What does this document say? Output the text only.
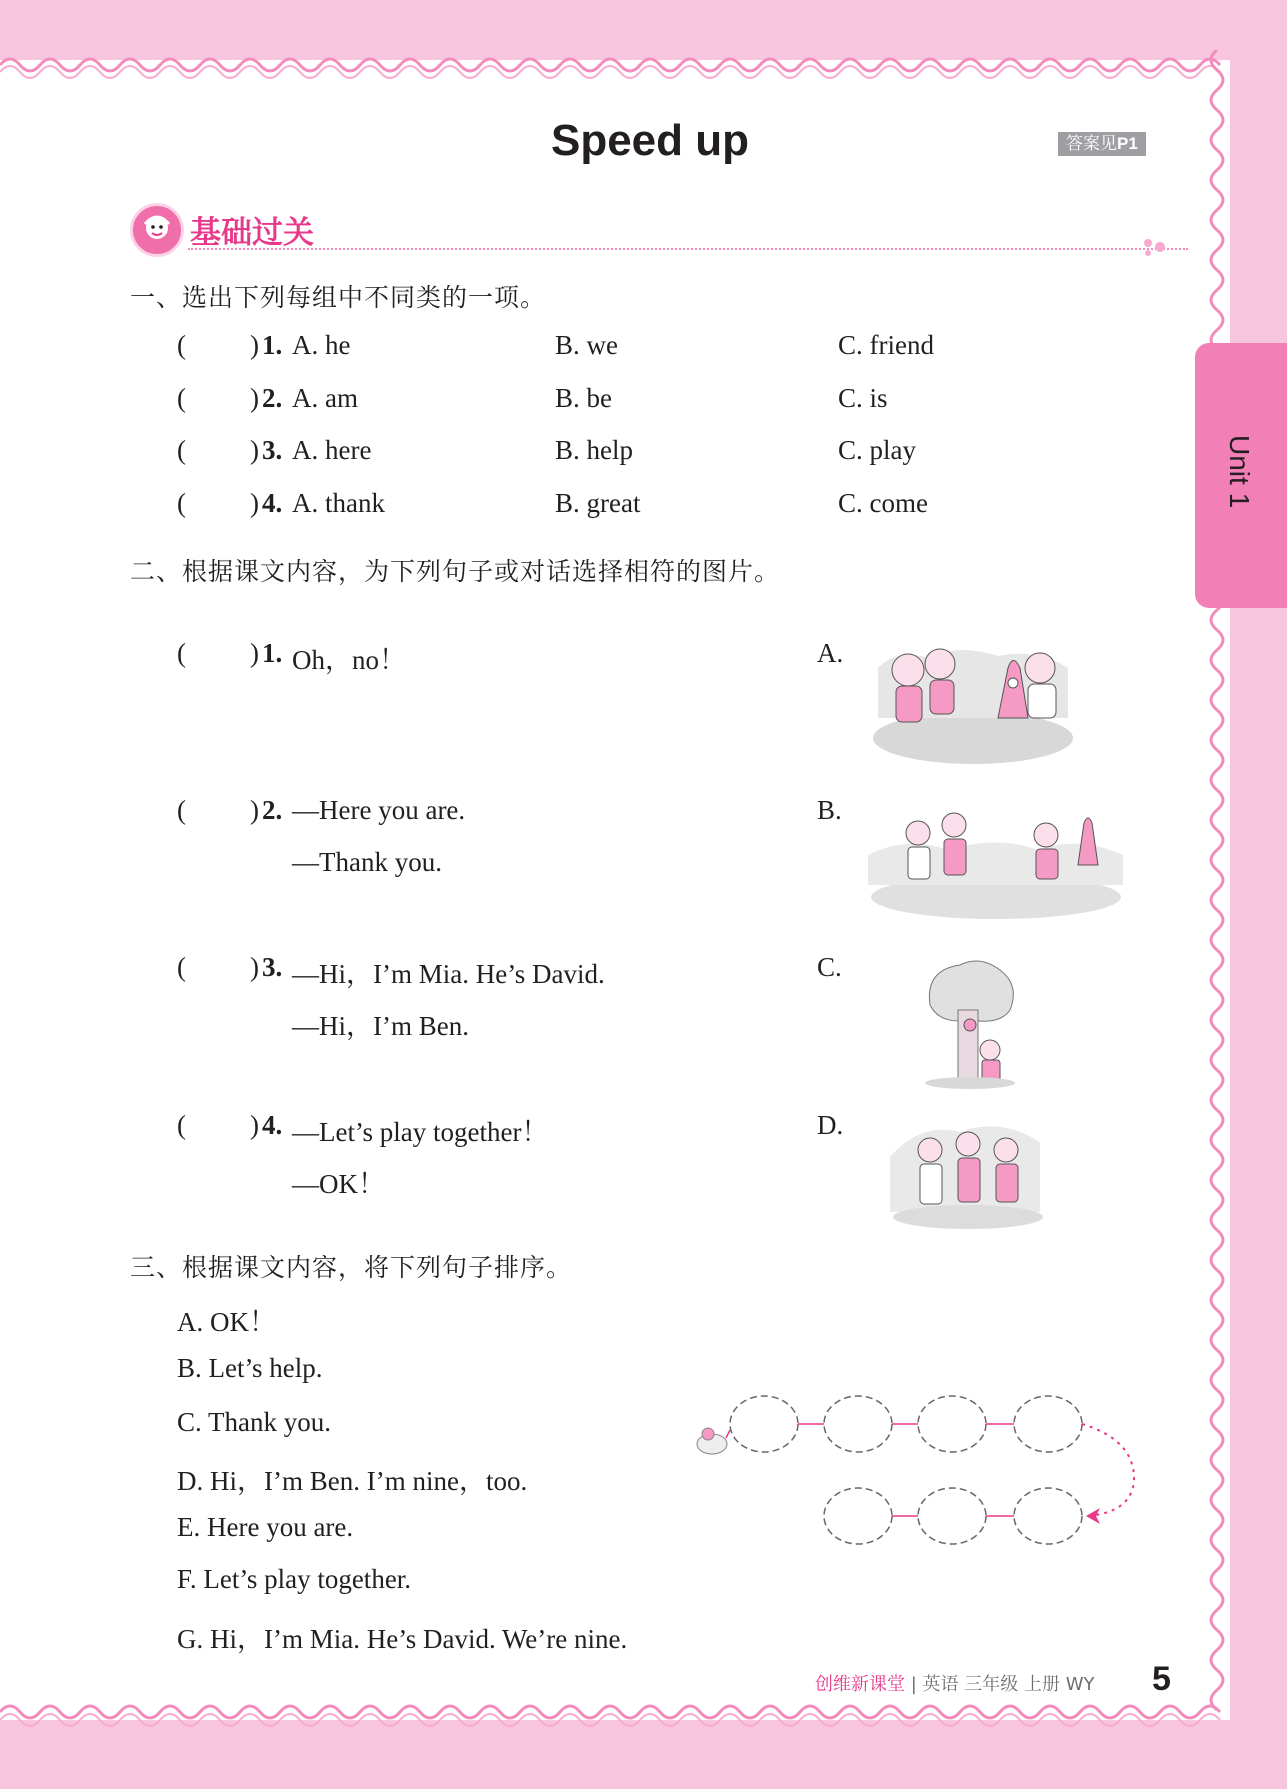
Speed up	答案见P1
基础过关
Unit 1
一、选出下列每组中不同类的一项。
( ) 1. A. he	B. we	C. friend
( ) 2. A. am	B. be	C. is
( ) 3. A. here	B. help	C. play
( ) 4. A. thank	B. great	C. come
二、根据课文内容，为下列句子或对话选择相符的图片。
( ) 1. Oh，no！	A.
( ) 2. —Here you are.	B.
—Thank you.
( ) 3. —Hi，I’m Mia. He’s David.	C.
—Hi，I’m Ben.
( ) 4. —Let’s play together！	D.
—OK！
三、根据课文内容，将下列句子排序。
A. OK！
B. Let’s help.
C. Thank you.
D. Hi，I’m Ben. I’m nine，too.
E. Here you are.
F. Let’s play together.
G. Hi，I’m Mia. He’s David. We’re nine.
创维新课堂 | 英语 三年级 上册 WY 5
